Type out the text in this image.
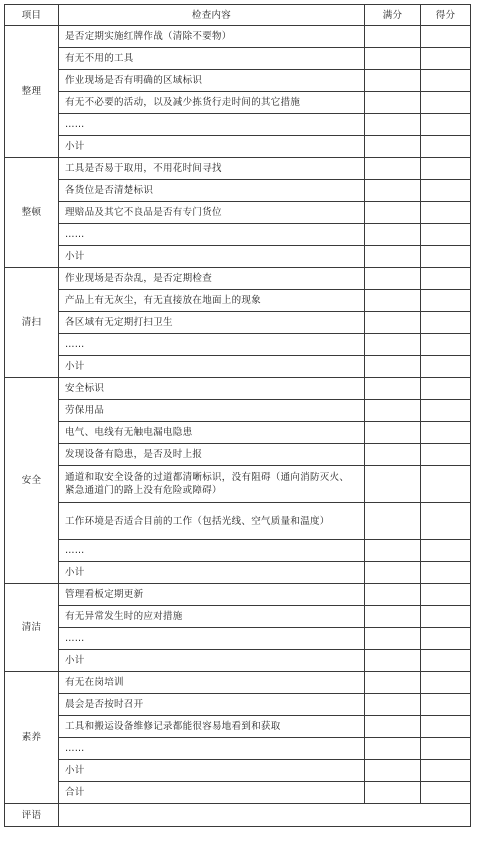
项目	检查内容	满分	得分
整理	是否定期实施红牌作战（清除不要物）		
	有无不用的工具		
	作业现场是否有明确的区域标识		
	有无不必要的活动，以及减少拣货行走时间的其它措施		
	……		
	小计		
整顿	工具是否易于取用，不用花时间寻找		
	各货位是否清楚标识		
	理赔品及其它不良品是否有专门货位		
	……		
	小计		
清扫	作业现场是否杂乱，是否定期检查		
	产品上有无灰尘，有无直接放在地面上的现象		
	各区域有无定期打扫卫生		
	……		
	小计		
安全	安全标识		
	劳保用品		
	电气、电线有无触电漏电隐患		
	发现设备有隐患，是否及时上报		
	通道和取安全设备的过道都清晰标识，没有阻碍（通向消防灭火、紧急通道门的路上没有危险或障碍）		
	工作环境是否适合目前的工作（包括光线、空气质量和温度）		
	……		
	小计		
清洁	管理看板定期更新		
	有无异常发生时的应对措施		
	……		
	小计		
素养	有无在岗培训		
	晨会是否按时召开		
	工具和搬运设备维修记录都能很容易地看到和获取		
	……		
	小计		
	合计		
评语			
